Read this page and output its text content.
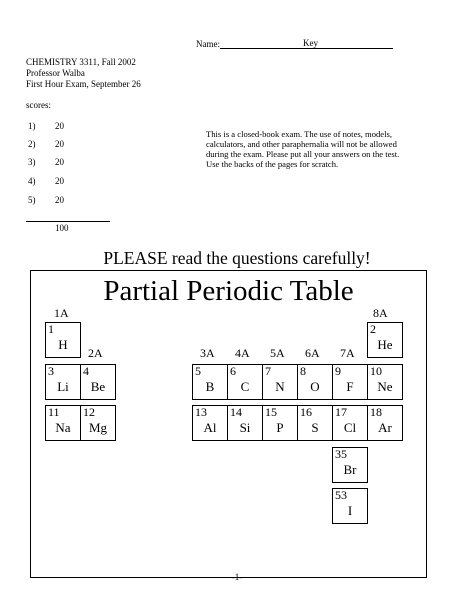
Name:	Key
CHEMISTRY 3311, Fall 2002
Professor Walba
First Hour Exam, September 26
scores:
1) 20
2) 20
3) 20
4) 20
5) 20
100
This is a closed-book exam. The use of notes, models,
calculators, and other paraphernalia will not be allowed
during the exam. Please put all your answers on the test.
Use the backs of the pages for scratch.
PLEASE read the questions carefully!
Partial Periodic Table
1A
2A	3A 4A 5A 6A 7A
8A
1
H
2
He
3
Li
4
Be
5
B
6
C
7
N
8
O
9
F
10
Ne
11
Na
12
Mg
13
Al
14
Si
15
P
16
S
17
Cl
18
Ar
35
Br
53
I
-1-
